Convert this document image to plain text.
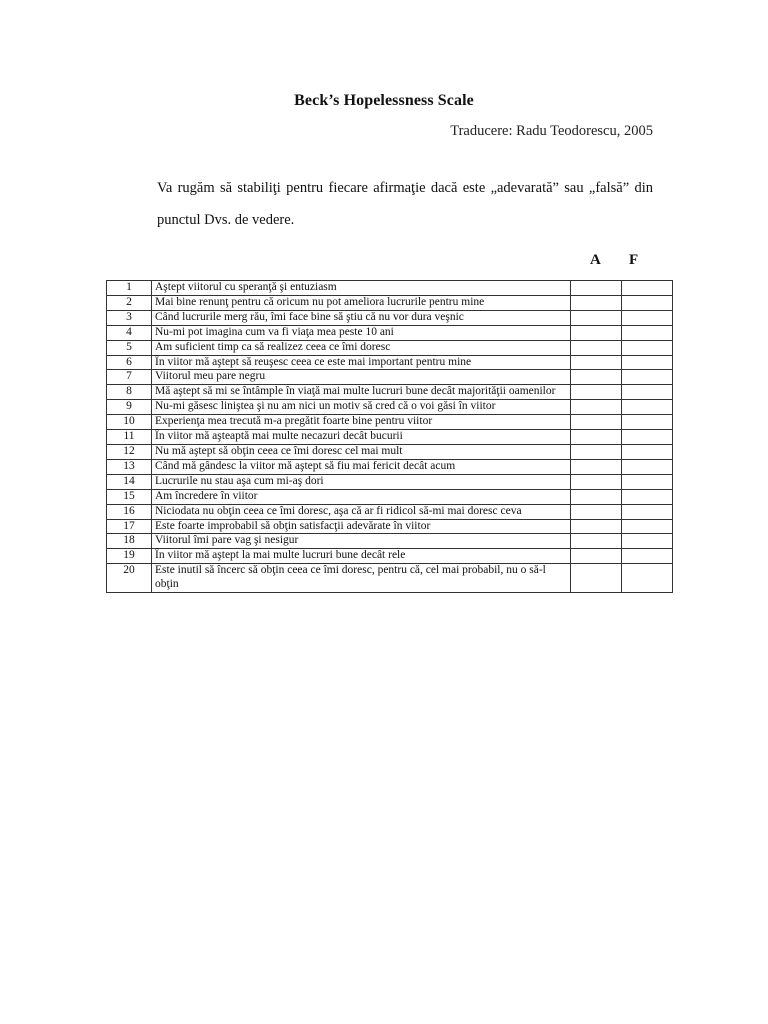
Beck’s Hopelessness Scale
Traducere: Radu Teodorescu, 2005
Va rugăm să stabiliţi pentru fiecare afirmaţie dacă este „adevarată” sau „falsă” din punctul Dvs. de vedere.
A F
1	Aştept viitorul cu speranţă şi entuziasm		
2	Mai bine renunţ pentru că oricum nu pot ameliora lucrurile pentru mine		
3	Când lucrurile merg rău, îmi face bine să ştiu că nu vor dura veşnic		
4	Nu-mi pot imagina cum va fi viaţa mea peste 10 ani		
5	Am suficient timp ca să realizez ceea ce îmi doresc		
6	În viitor mă aştept să reuşesc ceea ce este mai important pentru mine		
7	Viitorul meu pare negru		
8	Mă aştept să mi se întâmple în viaţă mai multe lucruri bune decât majorităţii oamenilor		
9	Nu-mi găsesc liniştea şi nu am nici un motiv să cred că o voi găsi în viitor		
10	Experienţa mea trecută m-a pregătit foarte bine pentru viitor		
11	În viitor mă aşteaptă mai multe necazuri decât bucurii		
12	Nu mă aştept să obţin ceea ce îmi doresc cel mai mult		
13	Când mă gândesc la viitor mă aştept să fiu mai fericit decât acum		
14	Lucrurile nu stau aşa cum mi-aş dori		
15	Am încredere în viitor		
16	Niciodata nu obţin ceea ce îmi doresc, aşa că ar fi ridicol să-mi mai doresc ceva		
17	Este foarte improbabil să obţin satisfacţii adevărate în viitor		
18	Viitorul îmi pare vag şi nesigur		
19	În viitor mă aştept la mai multe lucruri bune decât rele		
20	Este inutil să încerc să obţin ceea ce îmi doresc, pentru că, cel mai probabil, nu o să-l obţin		
